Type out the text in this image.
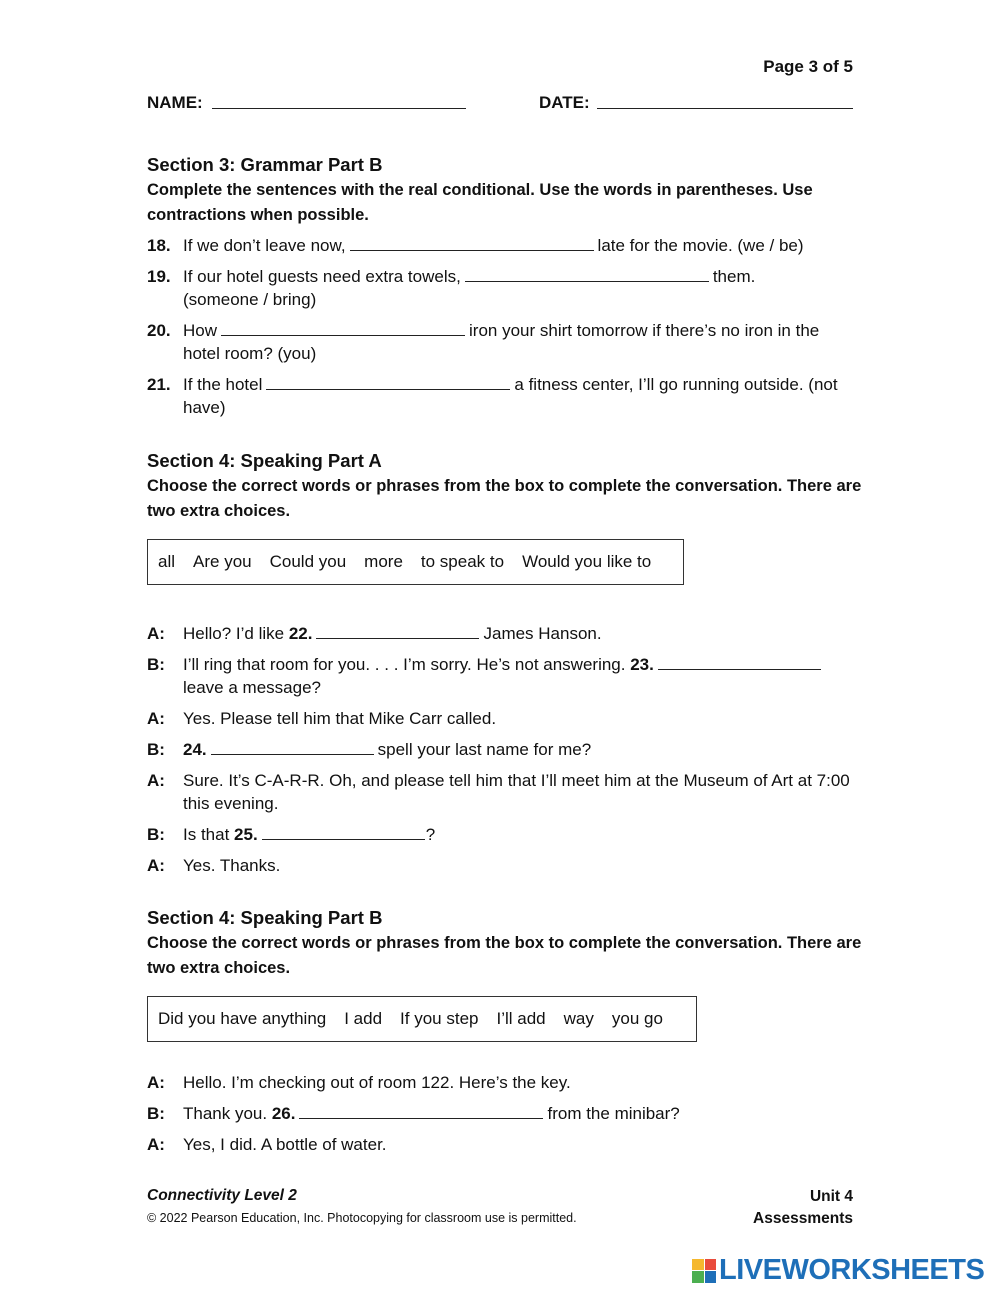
Page 3 of 5
NAME:	DATE:
Section 3: Grammar Part B
Complete the sentences with the real conditional. Use the words in parentheses. Use contractions when possible.
18. If we don’t leave now,	late for the movie. (we / be)
19. If our hotel guests need extra towels,	them. (someone / bring)
20. How	iron your shirt tomorrow if there’s no iron in the hotel room? (you)
21. If the hotel	a fitness center, I’ll go running outside. (not have)
Section 4: Speaking Part A
Choose the correct words or phrases from the box to complete the conversation. There are two extra choices.
all Are you Could you more to speak to Would you like to
A: Hello? I’d like 22.	James Hanson.
B: I’ll ring that room for you. . . . I’m sorry. He’s not answering. 23.leave a message?
A: Yes. Please tell him that Mike Carr called.
B: 24.	spell your last name for me?
A: Sure. It’s C-A-R-R. Oh, and please tell him that I’ll meet him at the Museum of Art at 7:00 this evening.
B: Is that 25.	?
A: Yes. Thanks.
Section 4: Speaking Part B
Choose the correct words or phrases from the box to complete the conversation. There are two extra choices.
Did you have anything I add If you step I’ll add way you go
A: Hello. I’m checking out of room 122. Here’s the key.
B: Thank you. 26.	from the minibar?
A: Yes, I did. A bottle of water.
Connectivity Level 2
© 2022 Pearson Education, Inc. Photocopying for classroom use is permitted.
Unit 4
Assessments
LIVEWORKSHEETS
